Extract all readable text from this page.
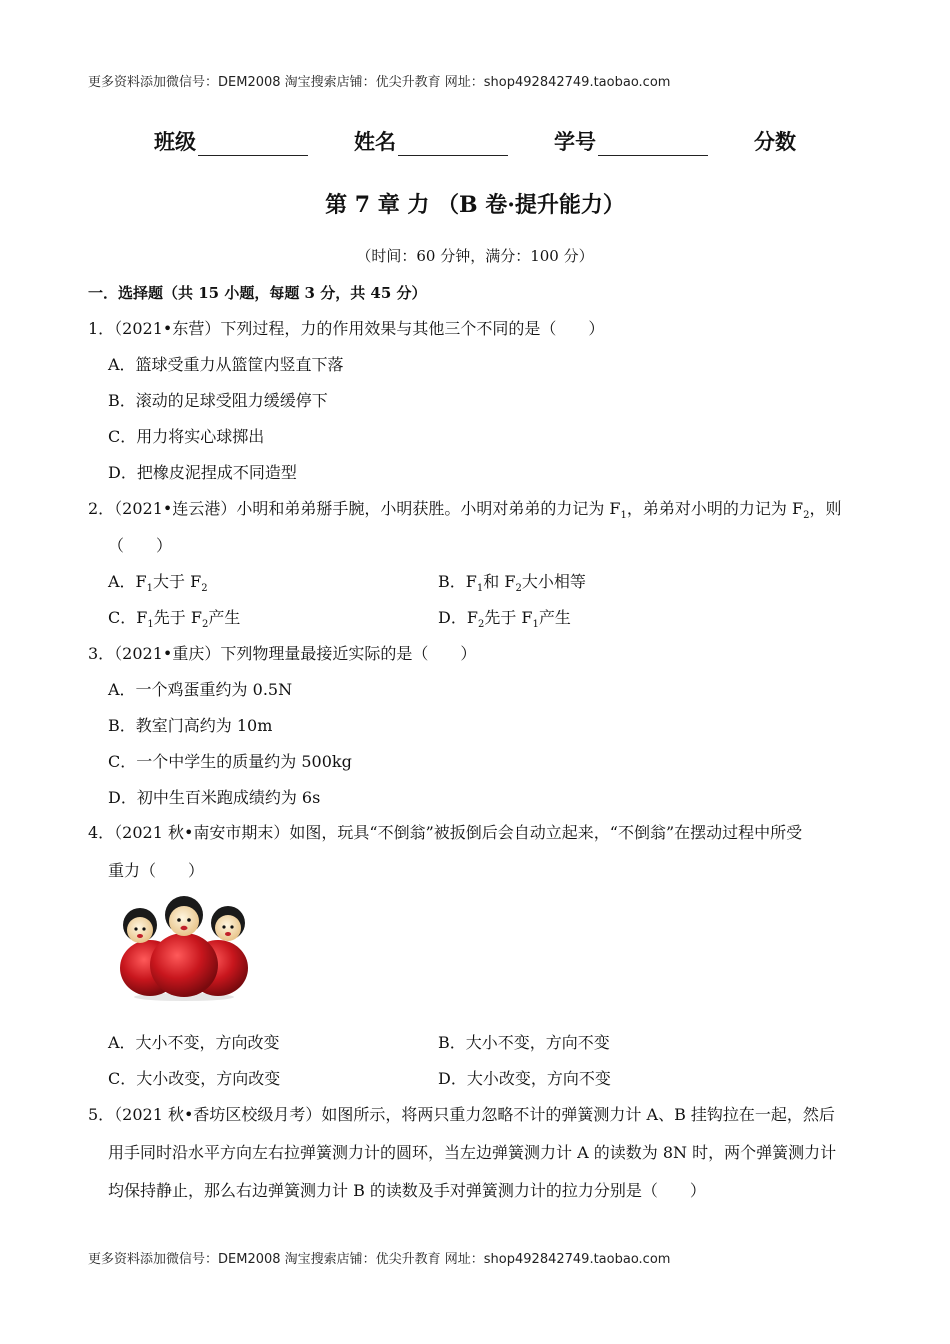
更多资料添加微信号：DEM2008 淘宝搜索店铺：优尖升教育 网址：shop492842749.taobao.com
班级	姓名	学号	分数
第 7 章 力 （B 卷·提升能力）
（时间：60 分钟，满分：100 分）
一．选择题（共 15 小题，每题 3 分，共 45 分）
1．（2021•东营）下列过程，力的作用效果与其他三个不同的是（　　）
A．篮球受重力从篮筐内竖直下落
B．滚动的足球受阻力缓缓停下
C．用力将实心球掷出
D．把橡皮泥捏成不同造型
2．（2021•连云港）小明和弟弟掰手腕，小明获胜。小明对弟弟的力记为 $F_1$，弟弟对小明的力记为 $F_2$，则
（　　）
A．$F_1$大于 $F_2$	B．$F_1$和 $F_2$大小相等
C．$F_1$先于 $F_2$产生	D．$F_2$先于 $F_1$产生
3．（2021•重庆）下列物理量最接近实际的是（　　）
A．一个鸡蛋重约为 0.5N
B．教室门高约为 10m
C．一个中学生的质量约为 500kg
D．初中生百米跑成绩约为 6s
4．（2021 秋•南安市期末）如图，玩具“不倒翁”被扳倒后会自动立起来，“不倒翁”在摆动过程中所受
重力（　　）
A．大小不变，方向改变	B．大小不变，方向不变
C．大小改变，方向改变	D．大小改变，方向不变
5．（2021 秋•香坊区校级月考）如图所示，将两只重力忽略不计的弹簧测力计 A、B 挂钩拉在一起，然后
用手同时沿水平方向左右拉弹簧测力计的圆环，当左边弹簧测力计 A 的读数为 8N 时，两个弹簧测力计
均保持静止，那么右边弹簧测力计 B 的读数及手对弹簧测力计的拉力分别是（　　）
更多资料添加微信号：DEM2008 淘宝搜索店铺：优尖升教育 网址：shop492842749.taobao.com
